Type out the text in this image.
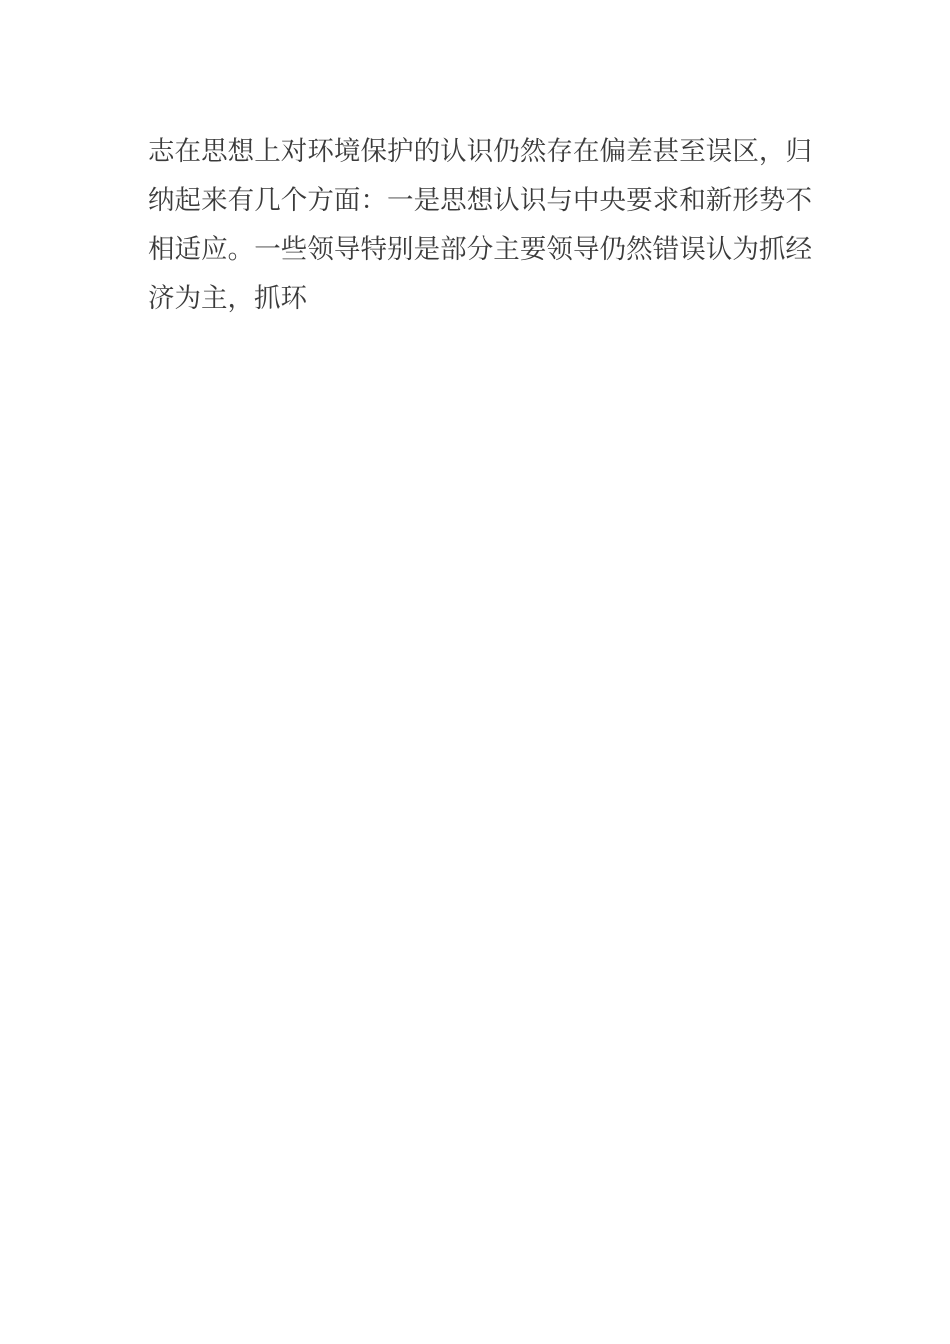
志在思想上对环境保护的认识仍然存在偏差甚至误区，归
纳起来有几个方面：一是思想认识与中央要求和新形势不
相适应。一些领导特别是部分主要领导仍然错误认为抓经
济为主，抓环
